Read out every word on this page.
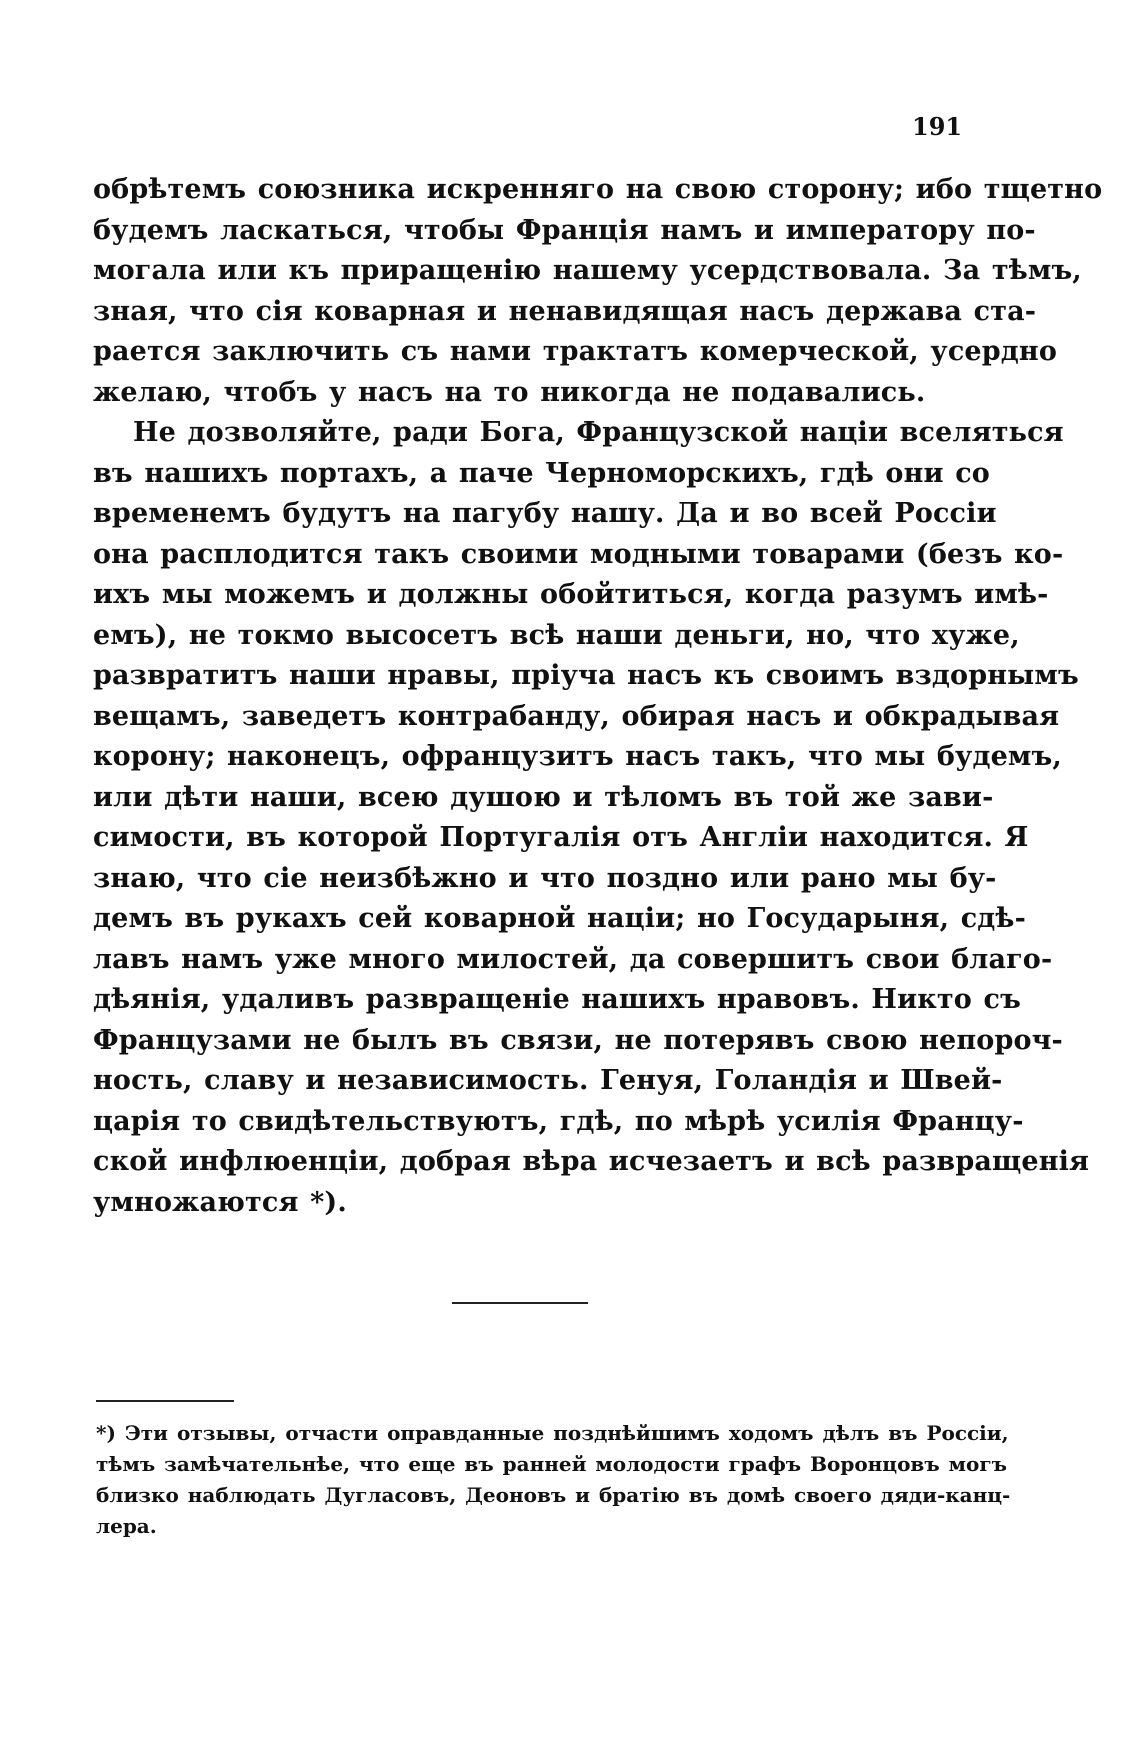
191
обрѣтемъ союзника искренняго на свою сторону; ибо тщетно
будемъ ласкаться, чтобы Францiя намъ и императору по-
могала или къ приращенiю нашему усердствовала. За тѣмъ,
зная, что сiя коварная и ненавидящая насъ держава ста-
рается заключить съ нами трактатъ комерческой, усердно
желаю, чтобъ у насъ на то никогда не подавались.
Не дозволяйте, ради Бога, Французской націи вселяться
въ нашихъ портахъ, а паче Черноморскихъ, гдѣ они со
временемъ будутъ на пагубу нашу. Да и во всей Россіи
она расплодится такъ своими модными товарами (безъ ко-
ихъ мы можемъ и должны обойтиться, когда разумъ имѣ-
емъ), не токмо высосетъ всѣ наши деньги, но, что хуже,
развратитъ наши нравы, пріуча насъ къ своимъ вздорнымъ
вещамъ, заведетъ контрабанду, обирая насъ и обкрадывая
корону; наконецъ, офранцузитъ насъ такъ, что мы будемъ,
или дѣти наши, всею душою и тѣломъ въ той же зави-
симости, въ которой Португалія отъ Англіи находится. Я
знаю, что сіе неизбѣжно и что поздно или рано мы бу-
демъ въ рукахъ сей коварной націи; но Государыня, сдѣ-
лавъ намъ уже много милостей, да совершитъ свои благо-
дѣянія, удаливъ развращеніе нашихъ нравовъ. Никто съ
Французами не былъ въ связи, не потерявъ свою непороч-
ность, славу и независимость. Генуя, Голандія и Швей-
царія то свидѣтельствуютъ, гдѣ, по мѣрѣ усилія Францу-
ской инфлюенціи, добрая вѣра исчезаетъ и всѣ развращенія
умножаются *).
*) Эти отзывы, отчасти оправданные позднѣйшимъ ходомъ дѣлъ въ Россіи,
тѣмъ замѣчательнѣе, что еще въ ранней молодости графъ Воронцовъ могъ
близко наблюдать Дугласовъ, Деоновъ и братію въ домѣ своего дяди-канц-
лера.
